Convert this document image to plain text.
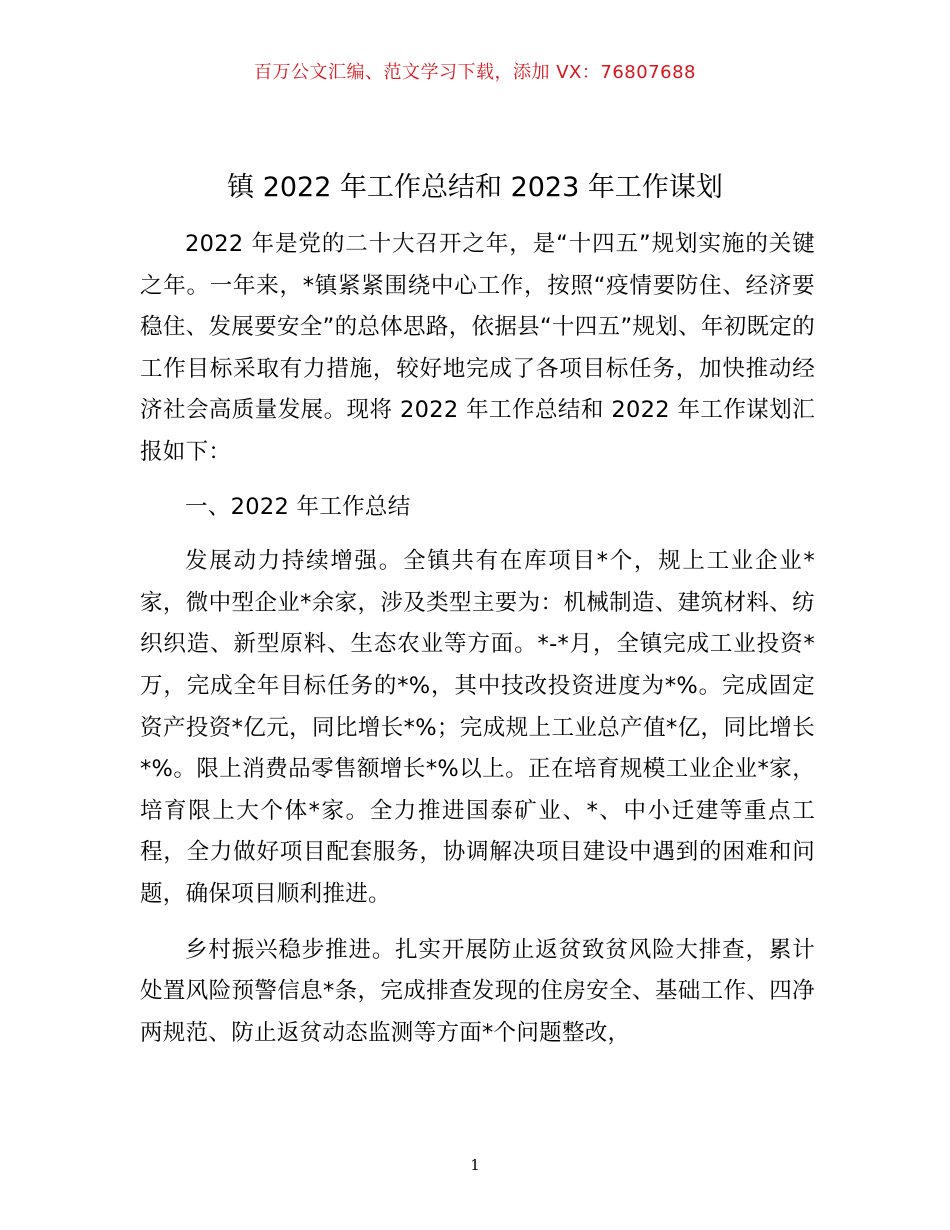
百万公文汇编、范文学习下载，添加 VX：76807688
镇 2022 年工作总结和 2023 年工作谋划

2022 年是党的二十大召开之年，是“十四五”规划实施的关键之年。一年来，*镇紧紧围绕中心工作，按照“疫情要防住、经济要稳住、发展要安全”的总体思路，依据县“十四五”规划、年初既定的工作目标采取有力措施，较好地完成了各项目标任务，加快推动经济社会高质量发展。现将 2022 年工作总结和 2022 年工作谋划汇报如下：

一、2022 年工作总结

发展动力持续增强。全镇共有在库项目*个，规上工业企业*家，微中型企业*余家，涉及类型主要为：机械制造、建筑材料、纺织织造、新型原料、生态农业等方面。*-*月，全镇完成工业投资*万，完成全年目标任务的*%，其中技改投资进度为*%。完成固定资产投资*亿元，同比增长*%；完成规上工业总产值*亿，同比增长*%。限上消费品零售额增长*%以上。正在培育规模工业企业*家，培育限上大个体*家。全力推进国泰矿业、*、中小迁建等重点工程，全力做好项目配套服务，协调解决项目建设中遇到的困难和问题，确保项目顺利推进。

乡村振兴稳步推进。扎实开展防止返贫致贫风险大排查，累计处置风险预警信息*条，完成排查发现的住房安全、基础工作、四净两规范、防止返贫动态监测等方面*个问题整改，

1
